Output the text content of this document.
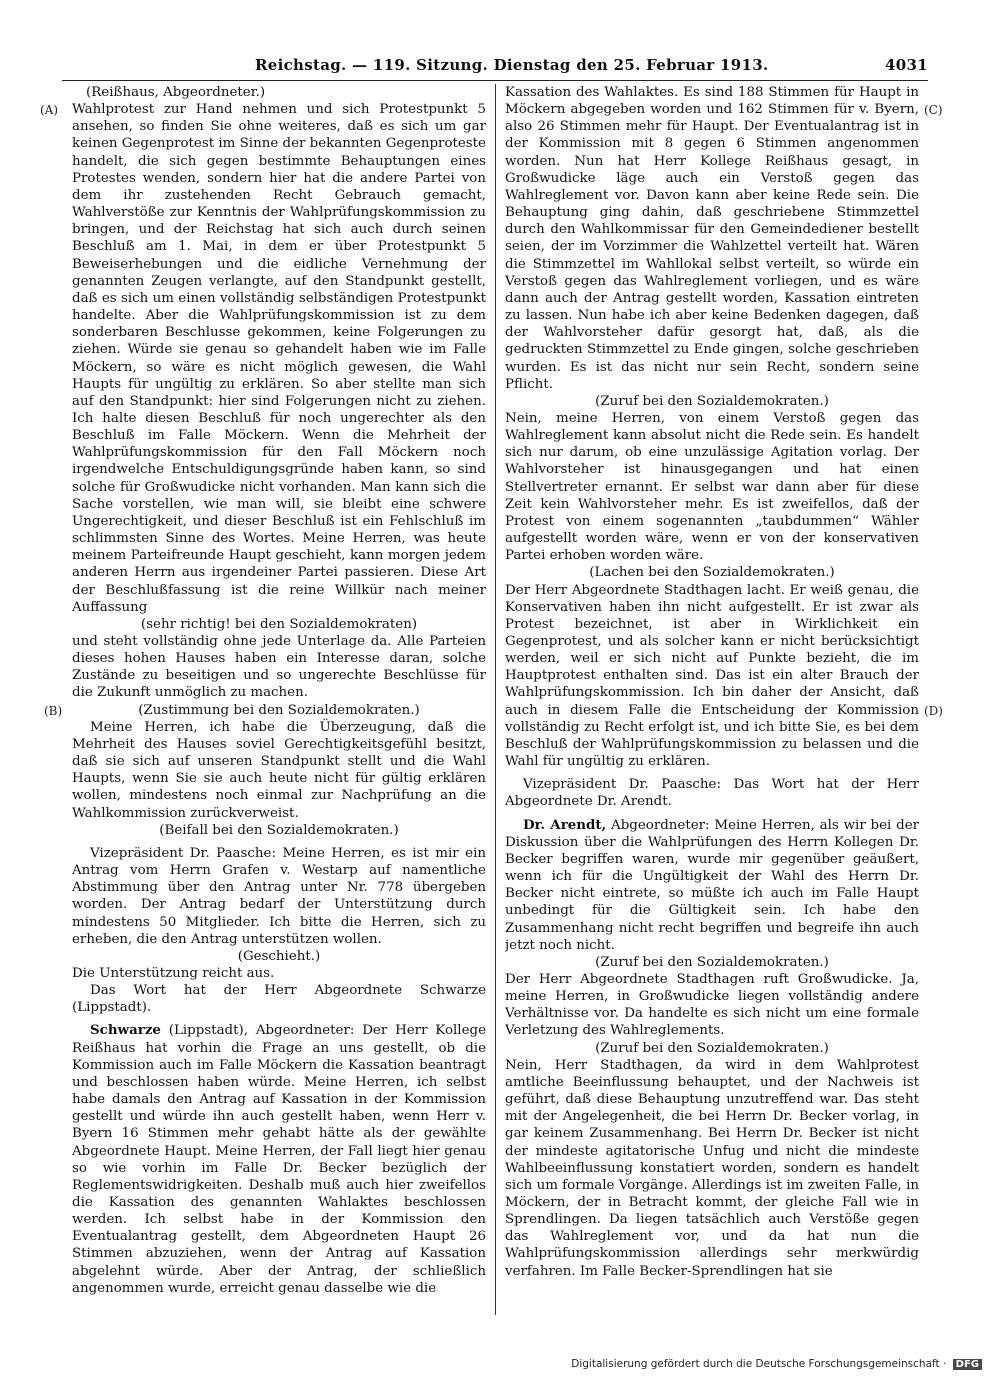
Reichstag. — 119. Sitzung. Dienstag den 25. Februar 1913.	4031
(A)
(B)
(C)
(D)

(Reißhaus, Abgeordneter.)

Wahlprotest zur Hand nehmen und sich Protestpunkt 5 ansehen, so finden Sie ohne weiteres, daß es sich um gar keinen Gegenprotest im Sinne der bekannten Gegenproteste handelt, die sich gegen bestimmte Behauptungen eines Protestes wenden, sondern hier hat die andere Partei von dem ihr zustehenden Recht Gebrauch gemacht, Wahlverstöße zur Kenntnis der Wahlprüfungskommission zu bringen, und der Reichstag hat sich auch durch seinen Beschluß am 1. Mai, in dem er über Protestpunkt 5 Beweiserhebungen und die eidliche Vernehmung der genannten Zeugen verlangte, auf den Standpunkt gestellt, daß es sich um einen vollständig selbständigen Protestpunkt handelte. Aber die Wahlprüfungskommission ist zu dem sonderbaren Beschlusse gekommen, keine Folgerungen zu ziehen. Würde sie genau so gehandelt haben wie im Falle Möckern, so wäre es nicht möglich gewesen, die Wahl Haupts für ungültig zu erklären. So aber stellte man sich auf den Standpunkt: hier sind Folgerungen nicht zu ziehen. Ich halte diesen Beschluß für noch ungerechter als den Beschluß im Falle Möckern. Wenn die Mehrheit der Wahlprüfungskommission für den Fall Möckern noch irgendwelche Entschuldigungsgründe haben kann, so sind solche für Großwudicke nicht vorhanden. Man kann sich die Sache vorstellen, wie man will, sie bleibt eine schwere Ungerechtigkeit, und dieser Beschluß ist ein Fehlschluß im schlimmsten Sinne des Wortes. Meine Herren, was heute meinem Parteifreunde Haupt geschieht, kann morgen jedem anderen Herrn aus irgendeiner Partei passieren. Diese Art der Beschlußfassung ist die reine Willkür nach meiner Auffassung

(sehr richtig! bei den Sozialdemokraten)

und steht vollständig ohne jede Unterlage da. Alle Parteien dieses hohen Hauses haben ein Interesse daran, solche Zustände zu beseitigen und so ungerechte Beschlüsse für die Zukunft unmöglich zu machen.

(Zustimmung bei den Sozialdemokraten.)

Meine Herren, ich habe die Überzeugung, daß die Mehrheit des Hauses soviel Gerechtigkeitsgefühl besitzt, daß sie sich auf unseren Standpunkt stellt und die Wahl Haupts, wenn Sie sie auch heute nicht für gültig erklären wollen, mindestens noch einmal zur Nachprüfung an die Wahlkommission zurückverweist.

(Beifall bei den Sozialdemokraten.)

Vizepräsident Dr. Paasche: Meine Herren, es ist mir ein Antrag vom Herrn Grafen v. Westarp auf namentliche Abstimmung über den Antrag unter Nr. 778 übergeben worden. Der Antrag bedarf der Unterstützung durch mindestens 50 Mitglieder. Ich bitte die Herren, sich zu erheben, die den Antrag unterstützen wollen.

(Geschieht.)

Die Unterstützung reicht aus.

Das Wort hat der Herr Abgeordnete Schwarze (Lippstadt).

Schwarze (Lippstadt), Abgeordneter: Der Herr Kollege Reißhaus hat vorhin die Frage an uns gestellt, ob die Kommission auch im Falle Möckern die Kassation beantragt und beschlossen haben würde. Meine Herren, ich selbst habe damals den Antrag auf Kassation in der Kommission gestellt und würde ihn auch gestellt haben, wenn Herr v. Byern 16 Stimmen mehr gehabt hätte als der gewählte Abgeordnete Haupt. Meine Herren, der Fall liegt hier genau so wie vorhin im Falle Dr. Becker bezüglich der Reglementswidrigkeiten. Deshalb muß auch hier zweifellos die Kassation des genannten Wahlaktes beschlossen werden. Ich selbst habe in der Kommission den Eventualantrag gestellt, dem Abgeordneten Haupt 26 Stimmen abzuziehen, wenn der Antrag auf Kassation abgelehnt würde. Aber der Antrag, der schließlich angenommen wurde, erreicht genau dasselbe wie die

Kassation des Wahlaktes. Es sind 188 Stimmen für Haupt in Möckern abgegeben worden und 162 Stimmen für v. Byern, also 26 Stimmen mehr für Haupt. Der Eventualantrag ist in der Kommission mit 8 gegen 6 Stimmen angenommen worden. Nun hat Herr Kollege Reißhaus gesagt, in Großwudicke läge auch ein Verstoß gegen das Wahlreglement vor. Davon kann aber keine Rede sein. Die Behauptung ging dahin, daß geschriebene Stimmzettel durch den Wahlkommissar für den Gemeindediener bestellt seien, der im Vorzimmer die Wahlzettel verteilt hat. Wären die Stimmzettel im Wahllokal selbst verteilt, so würde ein Verstoß gegen das Wahlreglement vorliegen, und es wäre dann auch der Antrag gestellt worden, Kassation eintreten zu lassen. Nun habe ich aber keine Bedenken dagegen, daß der Wahlvorsteher dafür gesorgt hat, daß, als die gedruckten Stimmzettel zu Ende gingen, solche geschrieben wurden. Es ist das nicht nur sein Recht, sondern seine Pflicht.

(Zuruf bei den Sozialdemokraten.)

Nein, meine Herren, von einem Verstoß gegen das Wahlreglement kann absolut nicht die Rede sein. Es handelt sich nur darum, ob eine unzulässige Agitation vorlag. Der Wahlvorsteher ist hinausgegangen und hat einen Stellvertreter ernannt. Er selbst war dann aber für diese Zeit kein Wahlvorsteher mehr. Es ist zweifellos, daß der Protest von einem sogenannten „taubdummen“ Wähler aufgestellt worden wäre, wenn er von der konservativen Partei erhoben worden wäre.

(Lachen bei den Sozialdemokraten.)

Der Herr Abgeordnete Stadthagen lacht. Er weiß genau, die Konservativen haben ihn nicht aufgestellt. Er ist zwar als Protest bezeichnet, ist aber in Wirklichkeit ein Gegenprotest, und als solcher kann er nicht berücksichtigt werden, weil er sich nicht auf Punkte bezieht, die im Hauptprotest enthalten sind. Das ist ein alter Brauch der Wahlprüfungskommission. Ich bin daher der Ansicht, daß auch in diesem Falle die Entscheidung der Kommission vollständig zu Recht erfolgt ist, und ich bitte Sie, es bei dem Beschluß der Wahlprüfungskommission zu belassen und die Wahl für ungültig zu erklären.

Vizepräsident Dr. Paasche: Das Wort hat der Herr Abgeordnete Dr. Arendt.

Dr. Arendt, Abgeordneter: Meine Herren, als wir bei der Diskussion über die Wahlprüfungen des Herrn Kollegen Dr. Becker begriffen waren, wurde mir gegenüber geäußert, wenn ich für die Ungültigkeit der Wahl des Herrn Dr. Becker nicht eintrete, so müßte ich auch im Falle Haupt unbedingt für die Gültigkeit sein. Ich habe den Zusammenhang nicht recht begriffen und begreife ihn auch jetzt noch nicht.

(Zuruf bei den Sozialdemokraten.)

Der Herr Abgeordnete Stadthagen ruft Großwudicke. Ja, meine Herren, in Großwudicke liegen vollständig andere Verhältnisse vor. Da handelte es sich nicht um eine formale Verletzung des Wahlreglements.

(Zuruf bei den Sozialdemokraten.)

Nein, Herr Stadthagen, da wird in dem Wahlprotest amtliche Beeinflussung behauptet, und der Nachweis ist geführt, daß diese Behauptung unzutreffend war. Das steht mit der Angelegenheit, die bei Herrn Dr. Becker vorlag, in gar keinem Zusammenhang. Bei Herrn Dr. Becker ist nicht der mindeste agitatorische Unfug und nicht die mindeste Wahlbeeinflussung konstatiert worden, sondern es handelt sich um formale Vorgänge. Allerdings ist im zweiten Falle, in Möckern, der in Betracht kommt, der gleiche Fall wie in Sprendlingen. Da liegen tatsächlich auch Verstöße gegen das Wahlreglement vor, und da hat nun die Wahlprüfungskommission allerdings sehr merkwürdig verfahren. Im Falle Becker-Sprendlingen hat sie

Digitalisierung gefördert durch die Deutsche Forschungsgemeinschaft · DFG
